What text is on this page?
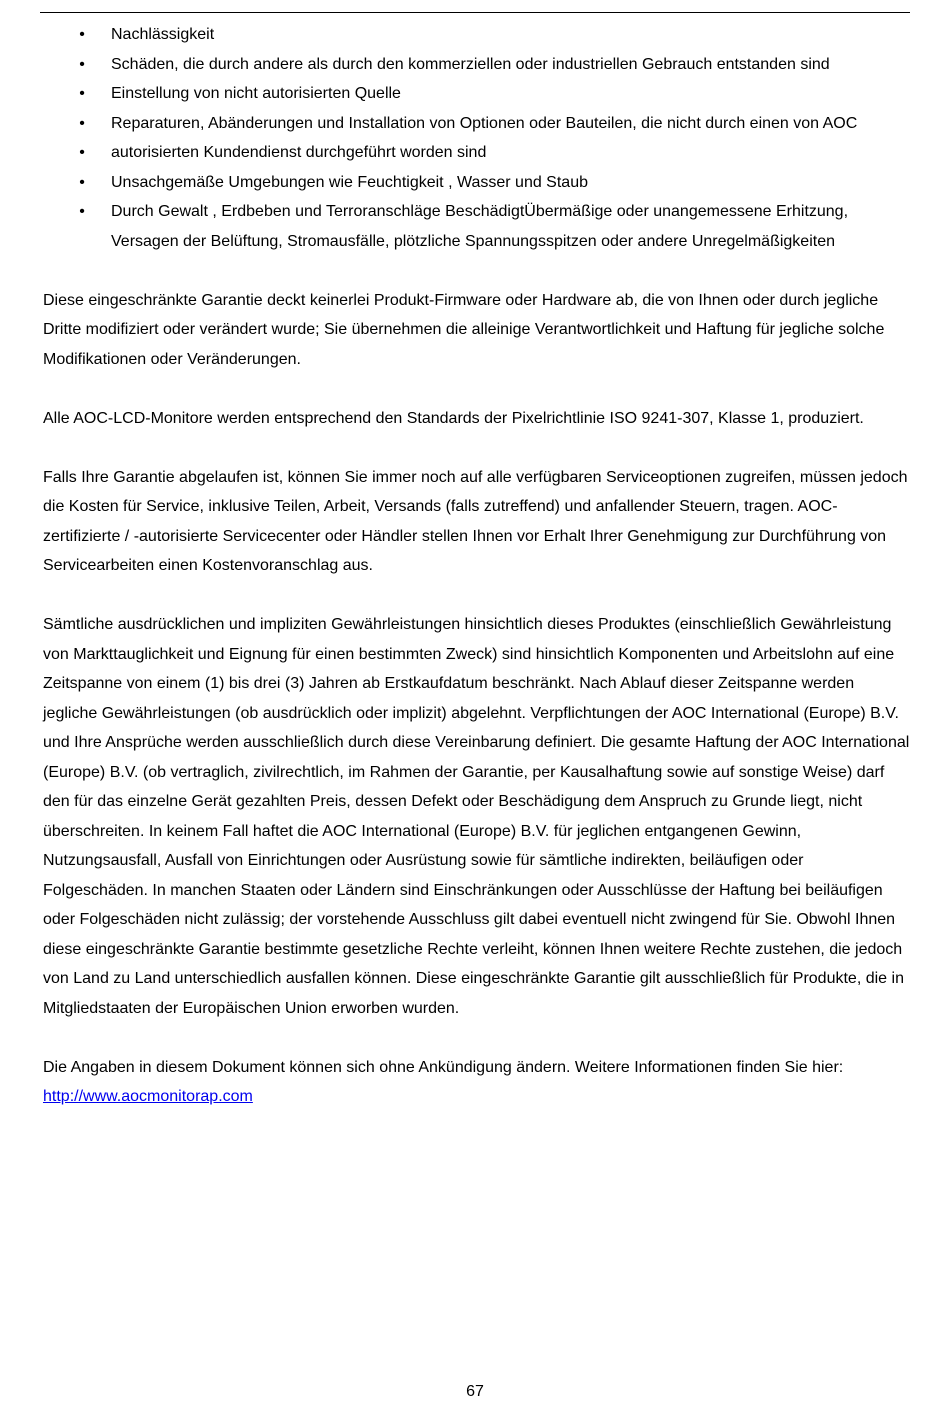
• Nachlässigkeit
• Schäden, die durch andere als durch den kommerziellen oder industriellen Gebrauch entstanden sind
• Einstellung von nicht autorisierten Quelle
• Reparaturen, Abänderungen und Installation von Optionen oder Bauteilen, die nicht durch einen von AOC
• autorisierten Kundendienst durchgeführt worden sind
• Unsachgemäße Umgebungen wie Feuchtigkeit , Wasser und Staub
• Durch Gewalt , Erdbeben und Terroranschläge BeschädigtÜbermäßige oder unangemessene Erhitzung, Versagen der Belüftung, Stromausfälle, plötzliche Spannungsspitzen oder andere Unregelmäßigkeiten

Diese eingeschränkte Garantie deckt keinerlei Produkt-Firmware oder Hardware ab, die von Ihnen oder durch jegliche Dritte modifiziert oder verändert wurde; Sie übernehmen die alleinige Verantwortlichkeit und Haftung für jegliche solche Modifikationen oder Veränderungen.

Alle AOC-LCD-Monitore werden entsprechend den Standards der Pixelrichtlinie ISO 9241-307, Klasse 1, produziert.

Falls Ihre Garantie abgelaufen ist, können Sie immer noch auf alle verfügbaren Serviceoptionen zugreifen, müssen jedoch die Kosten für Service, inklusive Teilen, Arbeit, Versands (falls zutreffend) und anfallender Steuern, tragen. AOC-zertifizierte / -autorisierte Servicecenter oder Händler stellen Ihnen vor Erhalt Ihrer Genehmigung zur Durchführung von Servicearbeiten einen Kostenvoranschlag aus.

Sämtliche ausdrücklichen und impliziten Gewährleistungen hinsichtlich dieses Produktes (einschließlich Gewährleistung von Markttauglichkeit und Eignung für einen bestimmten Zweck) sind hinsichtlich Komponenten und Arbeitslohn auf eine Zeitspanne von einem (1) bis drei (3) Jahren ab Erstkaufdatum beschränkt. Nach Ablauf dieser Zeitspanne werden jegliche Gewährleistungen (ob ausdrücklich oder implizit) abgelehnt. Verpflichtungen der AOC International (Europe) B.V. und Ihre Ansprüche werden ausschließlich durch diese Vereinbarung definiert. Die gesamte Haftung der AOC International (Europe) B.V. (ob vertraglich, zivilrechtlich, im Rahmen der Garantie, per Kausalhaftung sowie auf sonstige Weise) darf den für das einzelne Gerät gezahlten Preis, dessen Defekt oder Beschädigung dem Anspruch zu Grunde liegt, nicht überschreiten. In keinem Fall haftet die AOC International (Europe) B.V. für jeglichen entgangenen Gewinn, Nutzungsausfall, Ausfall von Einrichtungen oder Ausrüstung sowie für sämtliche indirekten, beiläufigen oder Folgeschäden. In manchen Staaten oder Ländern sind Einschränkungen oder Ausschlüsse der Haftung bei beiläufigen oder Folgeschäden nicht zulässig; der vorstehende Ausschluss gilt dabei eventuell nicht zwingend für Sie. Obwohl Ihnen diese eingeschränkte Garantie bestimmte gesetzliche Rechte verleiht, können Ihnen weitere Rechte zustehen, die jedoch von Land zu Land unterschiedlich ausfallen können. Diese eingeschränkte Garantie gilt ausschließlich für Produkte, die in Mitgliedstaaten der Europäischen Union erworben wurden.

Die Angaben in diesem Dokument können sich ohne Ankündigung ändern. Weitere Informationen finden Sie hier:
http://www.aocmonitorap.com

67
